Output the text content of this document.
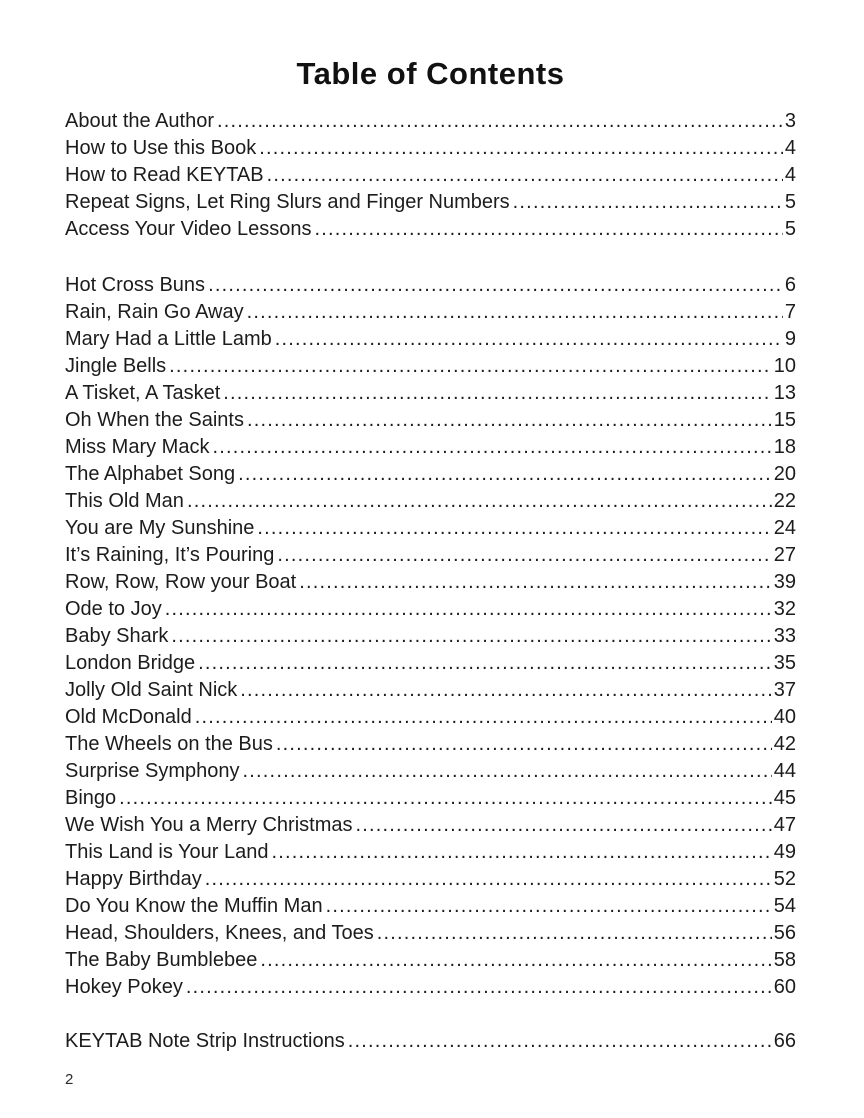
Table of Contents
About the Author .....	3
How to Use this Book .....	4
How to Read KEYTAB .....	4
Repeat Signs, Let Ring Slurs and Finger Numbers .....	5
Access Your Video Lessons .....	5
Hot Cross Buns .....	6
Rain, Rain Go Away .....	7
Mary Had a Little Lamb .....	9
Jingle Bells .....	10
A Tisket, A Tasket .....	13
Oh When the Saints .....	15
Miss Mary Mack .....	18
The Alphabet Song .....	20
This Old Man .....	22
You are My Sunshine .....	24
It’s Raining, It’s Pouring .....	27
Row, Row, Row your Boat .....	39
Ode to Joy .....	32
Baby Shark .....	33
London Bridge .....	35
Jolly Old Saint Nick .....	37
Old McDonald .....	40
The Wheels on the Bus .....	42
Surprise Symphony .....	44
Bingo .....	45
We Wish You a Merry Christmas .....	47
This Land is Your Land .....	49
Happy Birthday .....	52
Do You Know the Muffin Man .....	54
Head, Shoulders, Knees, and Toes .....	56
The Baby Bumblebee .....	58
Hokey Pokey .....	60
KEYTAB Note Strip Instructions .....	66
2
